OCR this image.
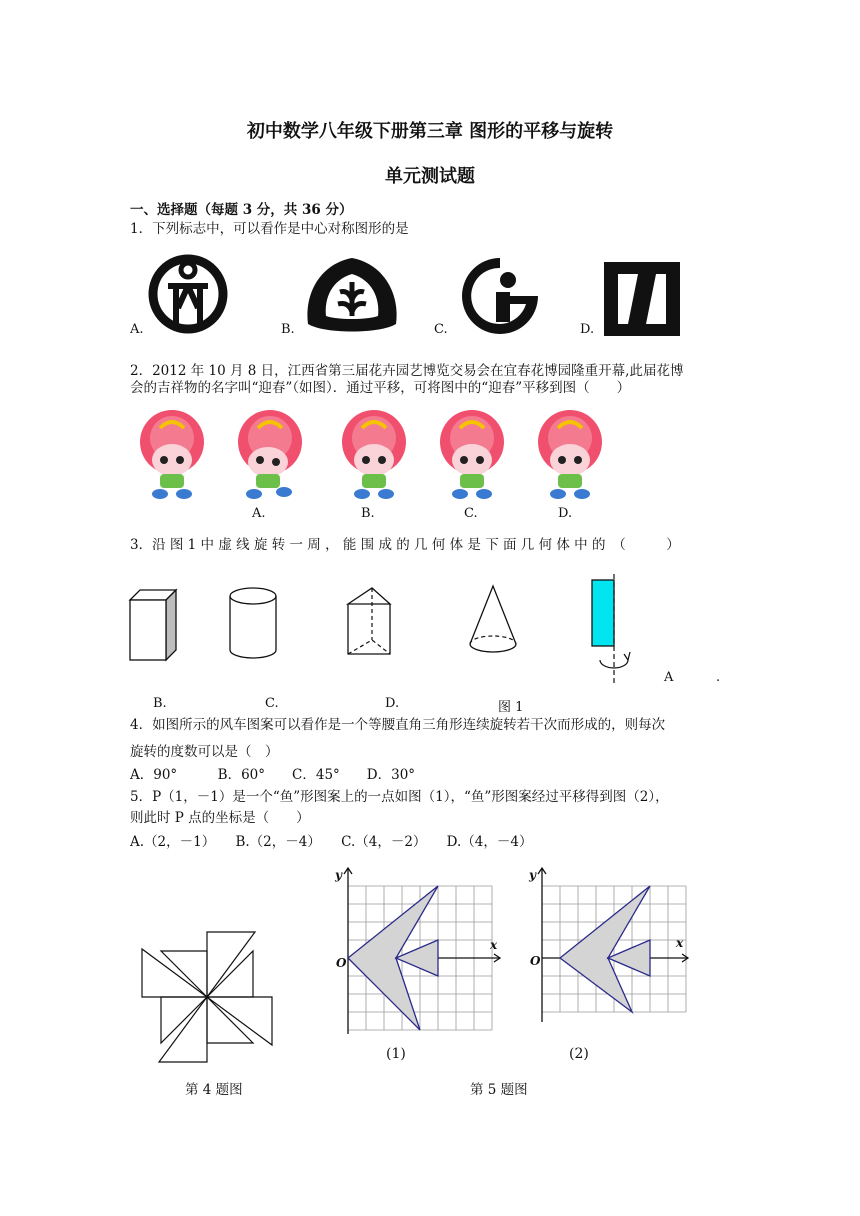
初中数学八年级下册第三章 图形的平移与旋转
单元测试题
一、选择题（每题 3 分，共 36 分）
1．下列标志中，可以看作是中心对称图形的是
A.	B.	C.	D.
2．2012 年 10 月 8 日，江西省第三届花卉园艺博览交易会在宜春花博园隆重开幕,此届花博
会的吉祥物的名字叫“迎春”（如图）．通过平移，可将图中的“迎春”平移到图（　　）
A.	B.	C.	D.
3．沿 图 1 中 虚 线 旋 转 一 周 ， 能 围 成 的 几 何 体 是 下 面 几 何 体 中 的　（　　　）
A	.
B.	C.	D.	图 1
4．如图所示的风车图案可以看作是一个等腰直角三角形连续旋转若干次而形成的，则每次
旋转的度数可以是（　）
A．90°　　　B．60°　　C．45°　　D．30°
5．P（1，－1）是一个“鱼”形图案上的一点如图（1），“鱼”形图案经过平移得到图（2），
则此时 P 点的坐标是（　　）
A.（2，－1）　　B.（2，－4）　　C.（4，－2）　　D.（4，－4）
y
x
O
(1)
y
x
O
(2)
第 4 题图	第 5 题图
